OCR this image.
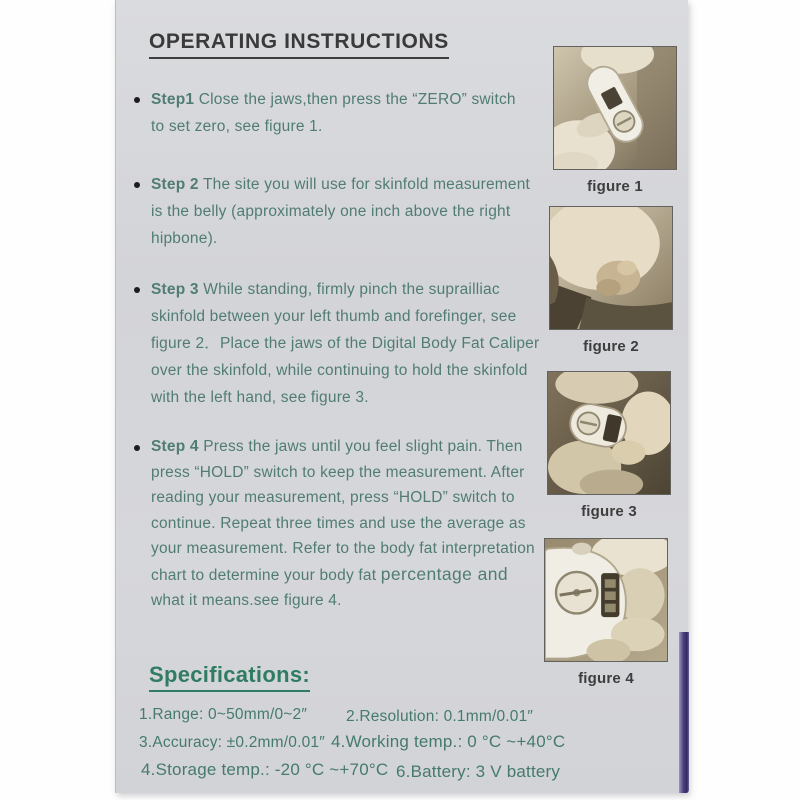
OPERATING INSTRUCTIONS
Step1 Close the jaws,then press the “ZERO” switch
to set zero, see figure 1.
Step 2 The site you will use for skinfold measurement
is the belly (approximately one inch above the right
hipbone).
Step 3 While standing, firmly pinch the suprailliac
skinfold between your left thumb and forefinger, see
figure 2．Place the jaws of the Digital Body Fat Caliper
over the skinfold, while continuing to hold the skinfold
with the left hand, see figure 3.
Step 4 Press the jaws until you feel slight pain. Then
press “HOLD” switch to keep the measurement. After
reading your measurement, press “HOLD” switch to
continue. Repeat three times and use the average as
your measurement. Refer to the body fat interpretation
chart to determine your body fat percentage and
what it means.see figure 4.
figure 1
figure 2
figure 3
figure 4
Specifications:
1.Range: 0~50mm/0~2″	2.Resolution: 0.1mm/0.01″
3.Accuracy: ±0.2mm/0.01″ 4.Working temp.: 0 °C ~+40°C
4.Storage temp.: -20 °C ~+70°C 6.Battery: 3 V battery
